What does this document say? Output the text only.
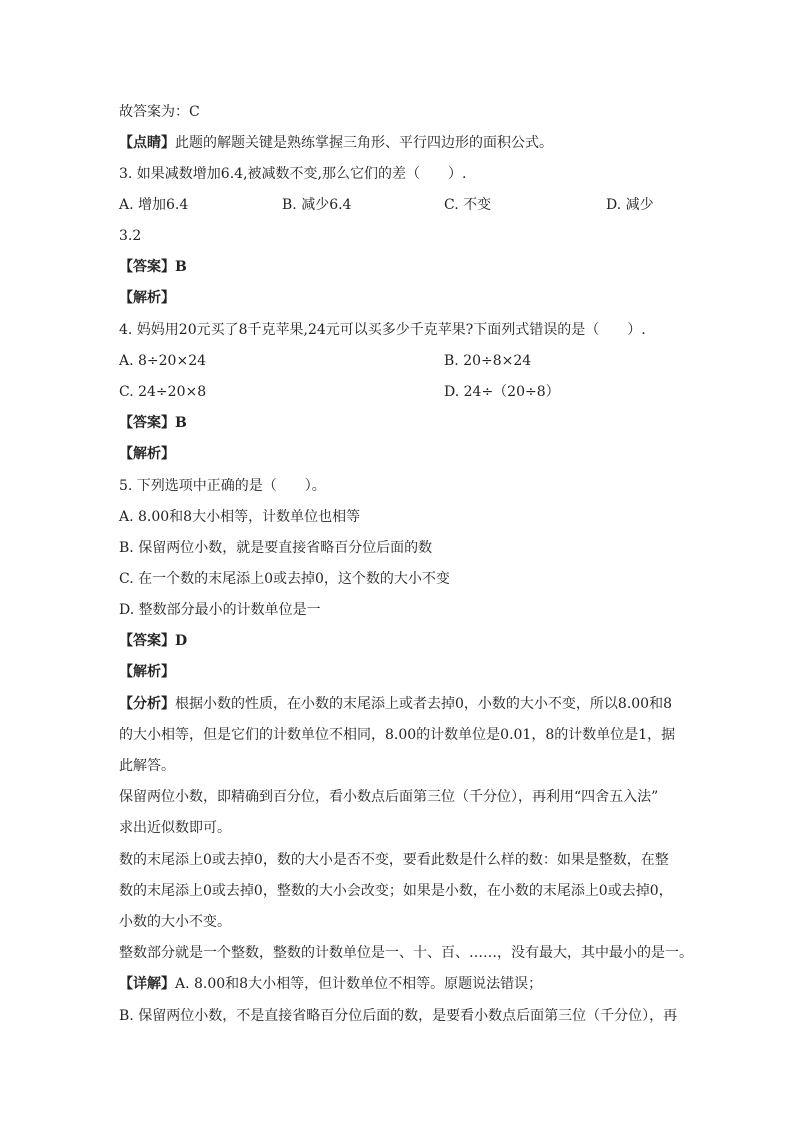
故答案为：C
【点睛】此题的解题关键是熟练掌握三角形、平行四边形的面积公式。
3. 如果减数增加6.4,被减数不变,那么它们的差（　　）.
A. 增加6.4	B. 减少6.4	C. 不变	D. 减少
3.2
【答案】B
【解析】
4. 妈妈用20元买了8千克苹果,24元可以买多少千克苹果?下面列式错误的是（　　）.
A. 8÷20×24	B. 20÷8×24
C. 24÷20×8	D. 24÷（20÷8）
【答案】B
【解析】
5. 下列选项中正确的是（　　）。
A. 8.00和8大小相等，计数单位也相等
B. 保留两位小数，就是要直接省略百分位后面的数
C. 在一个数的末尾添上0或去掉0，这个数的大小不变
D. 整数部分最小的计数单位是一
【答案】D
【解析】
【分析】根据小数的性质，在小数的末尾添上或者去掉0，小数的大小不变，所以8.00和8
的大小相等，但是它们的计数单位不相同，8.00的计数单位是0.01，8的计数单位是1，据
此解答。
保留两位小数，即精确到百分位，看小数点后面第三位（千分位），再利用“四舍五入法”
求出近似数即可。
数的末尾添上0或去掉0，数的大小是否不变，要看此数是什么样的数：如果是整数，在整
数的末尾添上0或去掉0，整数的大小会改变；如果是小数，在小数的末尾添上0或去掉0，
小数的大小不变。
整数部分就是一个整数，整数的计数单位是一、十、百、……，没有最大，其中最小的是一。
【详解】A. 8.00和8大小相等，但计数单位不相等。原题说法错误；
B. 保留两位小数，不是直接省略百分位后面的数，是要看小数点后面第三位（千分位），再
